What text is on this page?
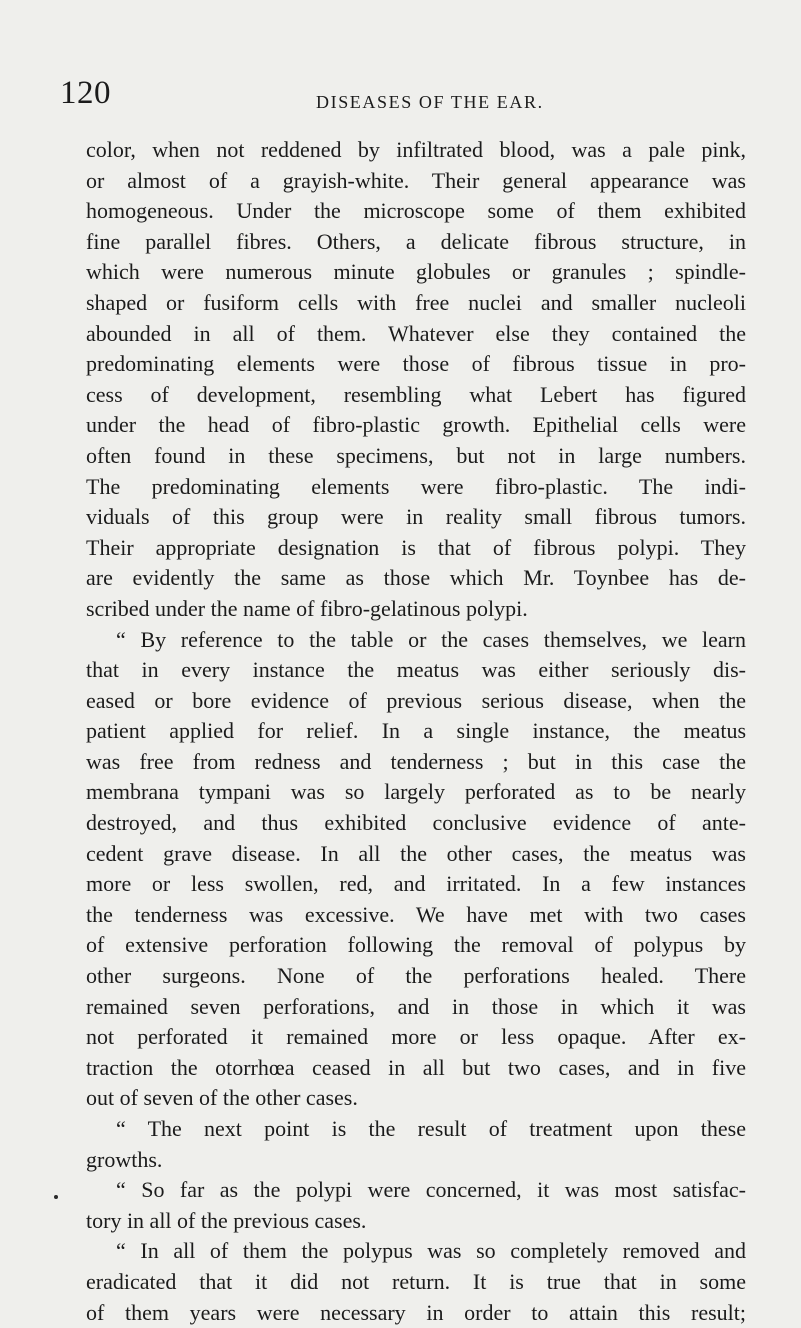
120	DISEASES OF THE EAR.
color, when not reddened by infiltrated blood, was a pale pink,
or almost of a grayish-white. Their general appearance was
homogeneous. Under the microscope some of them exhibited
fine parallel fibres. Others, a delicate fibrous structure, in
which were numerous minute globules or granules ; spindle-
shaped or fusiform cells with free nuclei and smaller nucleoli
abounded in all of them. Whatever else they contained the
predominating elements were those of fibrous tissue in pro-
cess of development, resembling what Lebert has figured
under the head of fibro-plastic growth. Epithelial cells were
often found in these specimens, but not in large numbers.
The predominating elements were fibro-plastic. The indi-
viduals of this group were in reality small fibrous tumors.
Their appropriate designation is that of fibrous polypi. They
are evidently the same as those which Mr. Toynbee has de-
scribed under the name of fibro-gelatinous polypi.
“ By reference to the table or the cases themselves, we learn
that in every instance the meatus was either seriously dis-
eased or bore evidence of previous serious disease, when the
patient applied for relief. In a single instance, the meatus
was free from redness and tenderness ; but in this case the
membrana tympani was so largely perforated as to be nearly
destroyed, and thus exhibited conclusive evidence of ante-
cedent grave disease. In all the other cases, the meatus was
more or less swollen, red, and irritated. In a few instances
the tenderness was excessive. We have met with two cases
of extensive perforation following the removal of polypus by
other surgeons. None of the perforations healed. There
remained seven perforations, and in those in which it was
not perforated it remained more or less opaque. After ex-
traction the otorrhœa ceased in all but two cases, and in five
out of seven of the other cases.
“ The next point is the result of treatment upon these
growths.
“ So far as the polypi were concerned, it was most satisfac-
tory in all of the previous cases.
“ In all of them the polypus was so completely removed and
eradicated that it did not return. It is true that in some
of them years were necessary in order to attain this result;
